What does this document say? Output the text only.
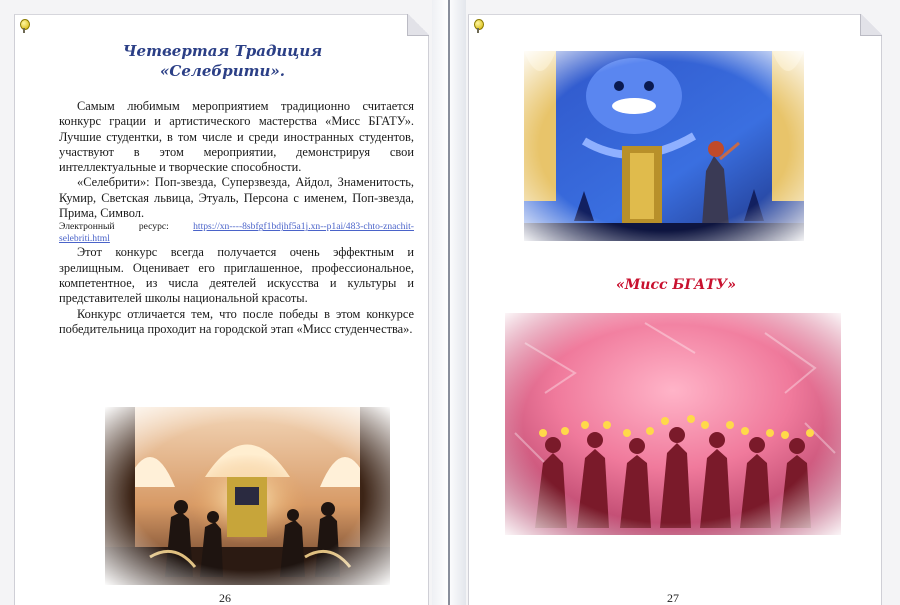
Четвертая Традиция
«Селебрити».

Самым любимым мероприятием традиционно считается конкурс грации и артистического мастерства «Мисс БГАТУ». Лучшие студентки, в том числе и среди иностранных студентов, участвуют в этом мероприятии, демонстрируя свои интеллектуальные и творческие способности.

«Селебрити»: Поп-звезда, Суперзвезда, Айдол, Знаменитость, Кумир, Светская львица, Этуаль, Персона с именем, Поп-звезда, Прима, Символ.

Электронный ресурс:	https://xn----8sbfgf1bdjhf5a1j.xn--p1ai/483-chto-znachit-selebriti.html

Этот конкурс всегда получается очень эффектным и зрелищным. Оценивает его приглашенное, профессиональное, компетентное, из числа деятелей искусства и культуры и представителей школы национальной красоты.

Конкурс отличается тем, что после победы в этом конкурсе победительница проходит на городской этап «Мисс студенчества».

26
«Мисс БГАТУ»
27
